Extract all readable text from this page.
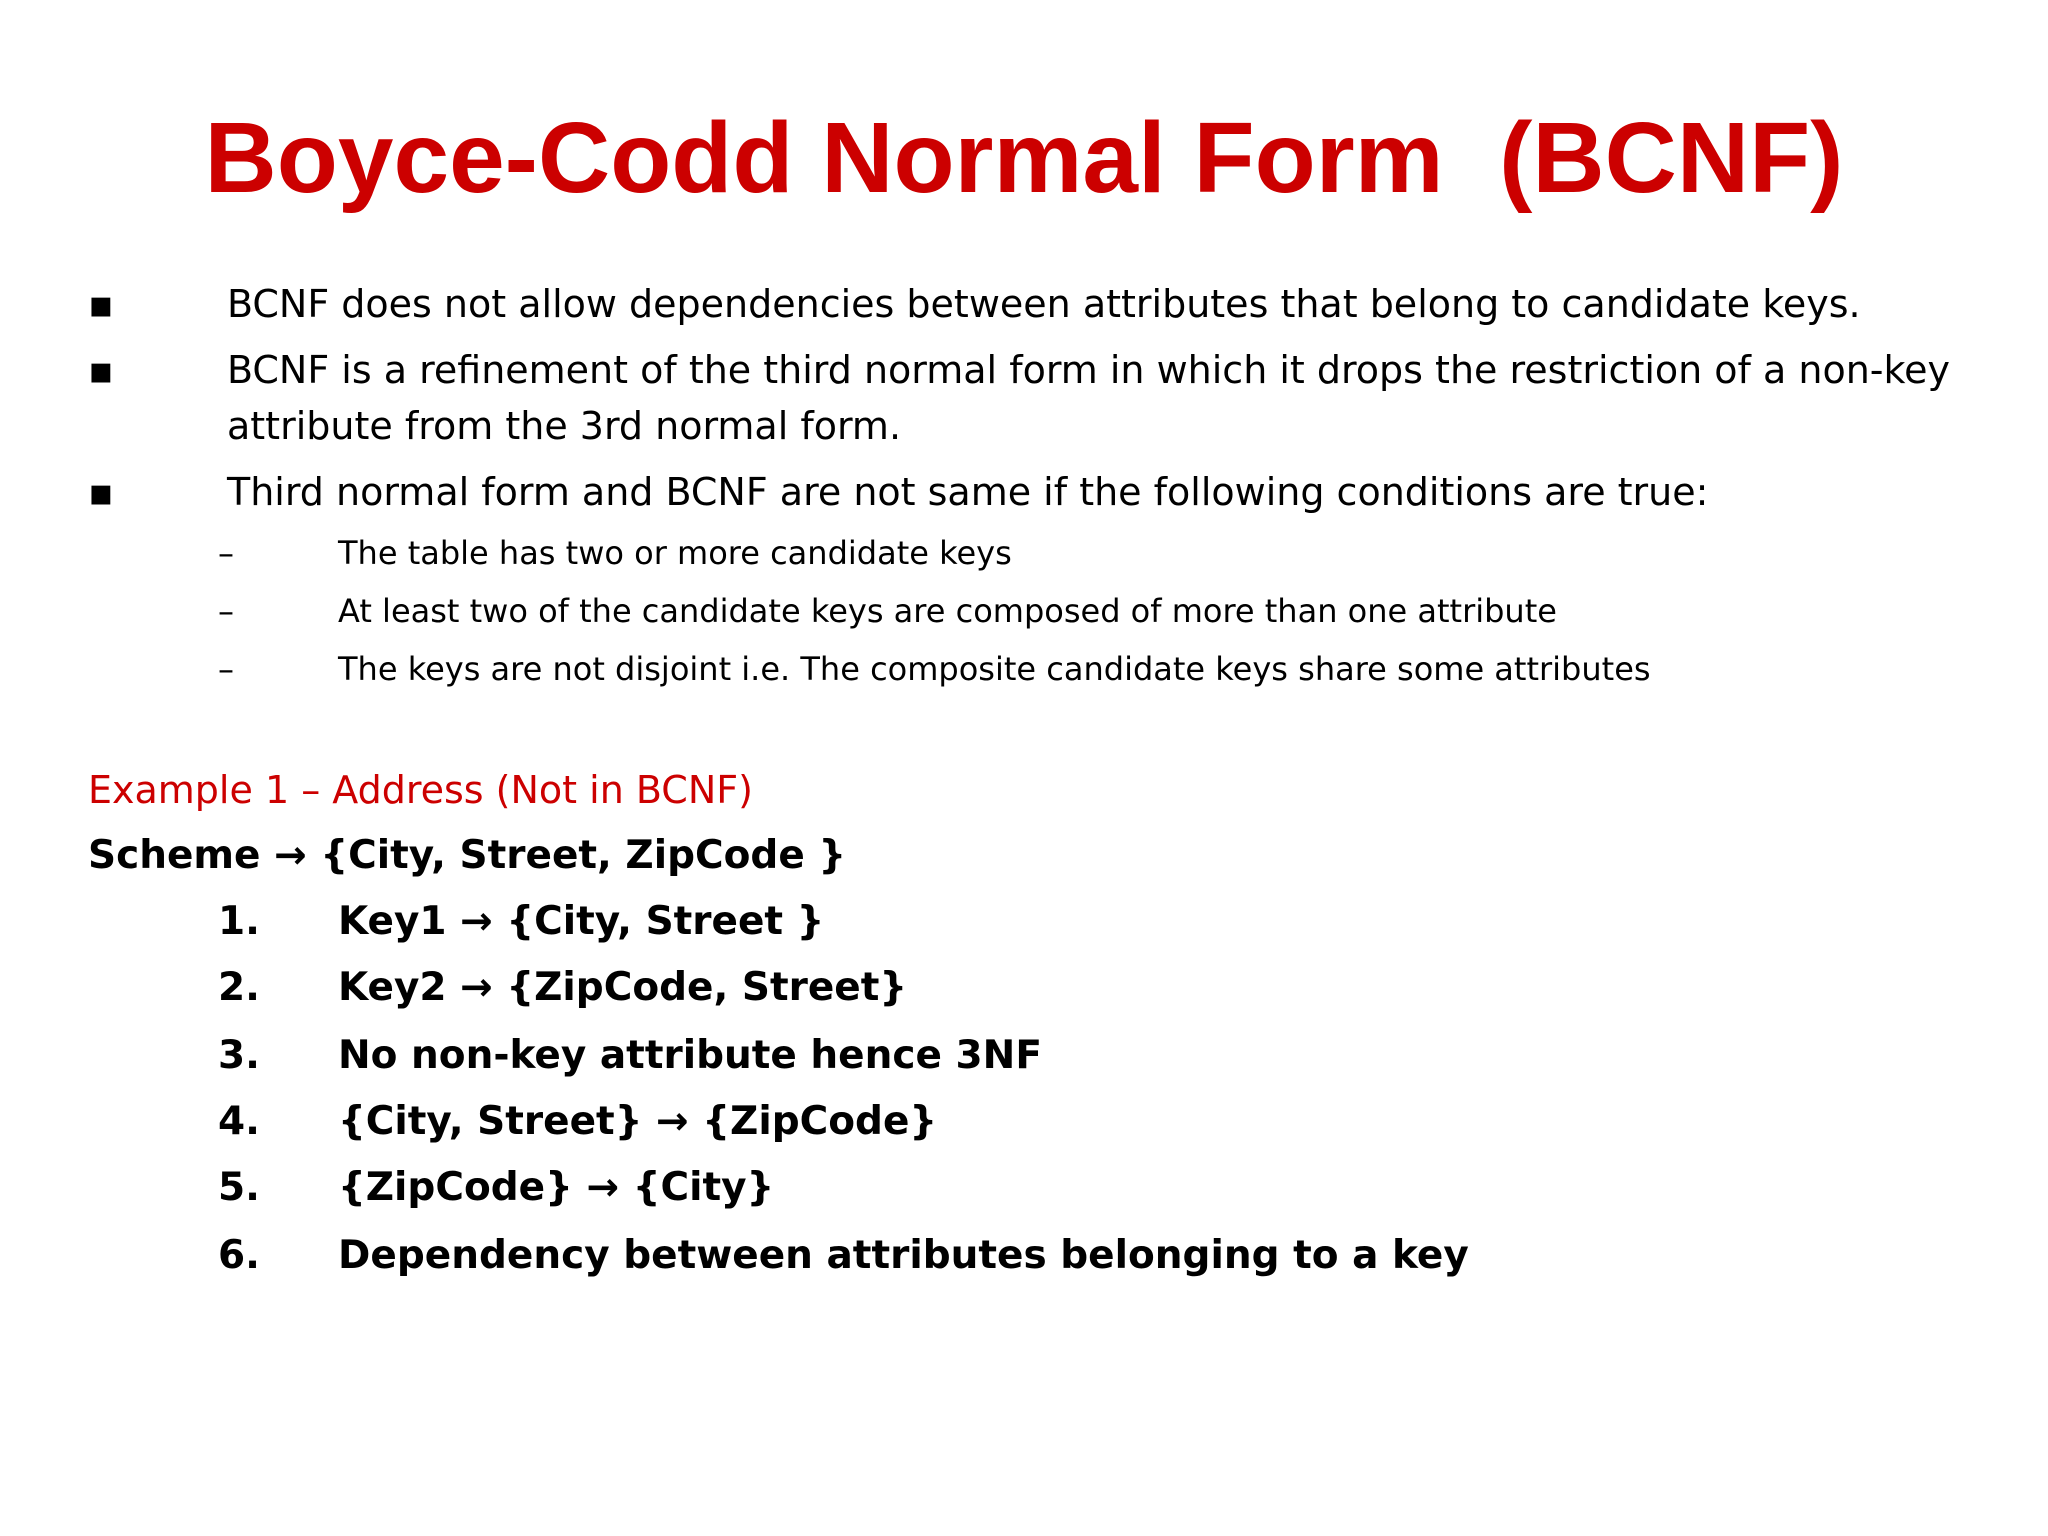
Boyce-Codd Normal Form  (BCNF)
▪	BCNF does not allow dependencies between attributes that belong to candidate keys.
▪	BCNF is a refinement of the third normal form in which it drops the restriction of a non-key
attribute from the 3rd normal form.
▪	Third normal form and BCNF are not same if the following conditions are true:
–	The table has two or more candidate keys
–	At least two of the candidate keys are composed of more than one attribute
–	The keys are not disjoint i.e. The composite candidate keys share some attributes
Example 1 – Address (Not in BCNF)
Scheme → {City, Street, ZipCode }
1. Key1 → {City, Street }
2. Key2 → {ZipCode, Street}
3. No non-key attribute hence 3NF
4. {City, Street} → {ZipCode}
5. {ZipCode} → {City}
6. Dependency between attributes belonging to a key
